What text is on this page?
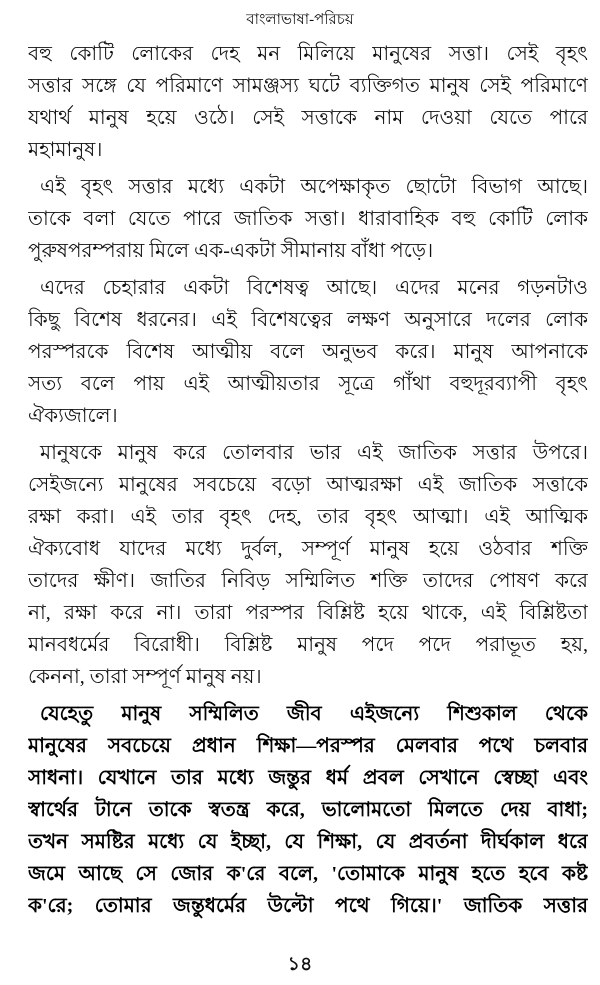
বাংলাভাষা-পরিচয়
বহু কোটি লোকের দেহ মন মিলিয়ে মানুষের সত্তা। সেই বৃহৎ
সত্তার সঙ্গে যে পরিমাণে সামঞ্জস্য ঘটে ব্যক্তিগত মানুষ সেই পরিমাণে
যথার্থ মানুষ হয়ে ওঠে। সেই সত্তাকে নাম দেওয়া যেতে পারে
মহামানুষ।
এই বৃহৎ সত্তার মধ্যে একটা অপেক্ষাকৃত ছোটো বিভাগ আছে।
তাকে বলা যেতে পারে জাতিক সত্তা। ধারাবাহিক বহু কোটি লোক
পুরুষপরম্পরায় মিলে এক-একটা সীমানায় বাঁধা পড়ে।
এদের চেহারার একটা বিশেষত্ব আছে। এদের মনের গড়নটাও
কিছু বিশেষ ধরনের। এই বিশেষত্বের লক্ষণ অনুসারে দলের লোক
পরস্পরকে বিশেষ আত্মীয় বলে অনুভব করে। মানুষ আপনাকে
সত্য বলে পায় এই আত্মীয়তার সূত্রে গাঁথা বহুদূরব্যাপী বৃহৎ
ঐক্যজালে।
মানুষকে মানুষ করে তোলবার ভার এই জাতিক সত্তার উপরে।
সেইজন্যে মানুষের সবচেয়ে বড়ো আত্মরক্ষা এই জাতিক সত্তাকে
রক্ষা করা। এই তার বৃহৎ দেহ, তার বৃহৎ আত্মা। এই আত্মিক
ঐক্যবোধ যাদের মধ্যে দুর্বল, সম্পূর্ণ মানুষ হয়ে ওঠবার শক্তি
তাদের ক্ষীণ। জাতির নিবিড় সম্মিলিত শক্তি তাদের পোষণ করে
না, রক্ষা করে না। তারা পরস্পর বিশ্লিষ্ট হয়ে থাকে, এই বিশ্লিষ্টতা
মানবধর্মের বিরোধী। বিশ্লিষ্ট মানুষ পদে পদে পরাভূত হয়,
কেননা, তারা সম্পূর্ণ মানুষ নয়।
যেহেতু মানুষ সম্মিলিত জীব এইজন্যে শিশুকাল থেকে
মানুষের সবচেয়ে প্রধান শিক্ষা—পরস্পর মেলবার পথে চলবার
সাধনা। যেখানে তার মধ্যে জন্তুর ধর্ম প্রবল সেখানে স্বেচ্ছা এবং
স্বার্থের টানে তাকে স্বতন্ত্র করে, ভালোমতো মিলতে দেয় বাধা;
তখন সমষ্টির মধ্যে যে ইচ্ছা, যে শিক্ষা, যে প্রবর্তনা দীর্ঘকাল ধরে
জমে আছে সে জোর ক'রে বলে, 'তোমাকে মানুষ হতে হবে কষ্ট
ক'রে; তোমার জন্তুধর্মের উল্টো পথে গিয়ে।' জাতিক সত্তার
১৪
